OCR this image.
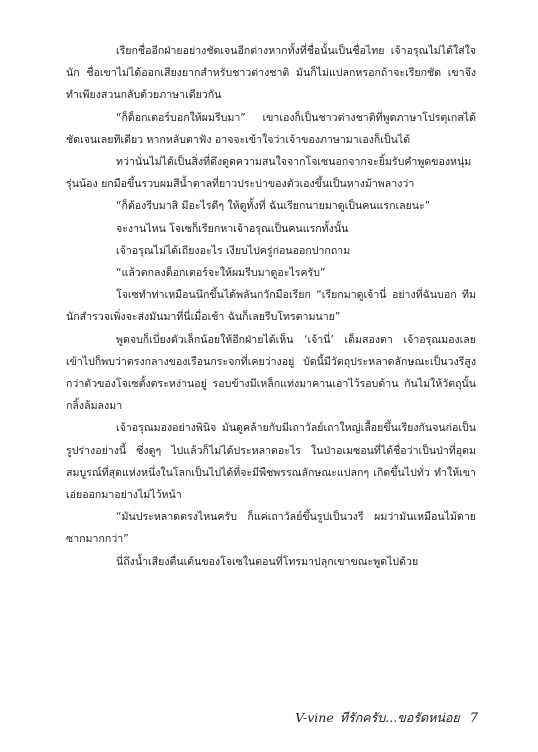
เรียกชื่ออีกฝ่ายอย่างชัดเจนอีกต่างหากทั้งที่ชื่อนั้นเป็นชื่อไทย เจ้าอรุณไม่ได้ใส่ใจนัก ชื่อเขาไม่ได้ออกเสียงยากสำหรับชาวต่างชาติ มันก็ไม่แปลกหรอกถ้าจะเรียกชัด เขาจึงทำเพียงสวนกลับด้วยภาษาเดียวกัน

“ก็ด็อกเตอร์บอกให้ผมรีบมา” เขาเองก็เป็นชาวต่างชาติที่พูดภาษาโปรตุเกสได้ชัดเจนเลยทีเดียว หากหลับตาฟัง อาจจะเข้าใจว่าเจ้าของภาษามาเองก็เป็นได้

ทว่านั่นไม่ได้เป็นสิ่งที่ดึงดูดความสนใจจากโจเซนอกจากจะยิ้มรับคำพูดของหนุ่มรุ่นน้อง ยกมือขึ้นรวบผมสีน้ำตาลที่ยาวประบ่าของตัวเองขึ้นเป็นหางม้าพลางว่า

“ก็ต้องรีบมาสิ มีอะไรดีๆ ให้ดูทั้งที่ ฉันเรียกนายมาดูเป็นคนแรกเลยนะ”

จะงานไหน โจเซก็เรียกหาเจ้าอรุณเป็นคนแรกทั้งนั้น

เจ้าอรุณไม่ได้เถียงอะไร เงียบไปครู่ก่อนออกปากถาม

“แล้วตกลงด็อกเตอร์จะให้ผมรีบมาดูอะไรครับ”

โจเซทำท่าเหมือนนึกขึ้นได้พลันกวักมือเรียก “เรียกมาดูเจ้านี่ อย่างที่ฉันบอก ทีมนักสำรวจเพิ่งจะส่งมันมาที่นี่เมื่อเช้า ฉันก็เลยรีบโทรตามนาย”

พูดจบก็เบี่ยงตัวเล็กน้อยให้อีกฝ่ายได้เห็น ‘เจ้านี่’ เต็มสองตา เจ้าอรุณมองเลยเข้าไปก็พบว่าตรงกลางของเรือนกระจกที่เคยว่างอยู่ บัดนี้มีวัตถุประหลาดลักษณะเป็นวงรีสูงกว่าตัวของโจเซตั้งตระหง่านอยู่ รอบข้างมีเหล็กแท่งมาคานเอาไว้รอบด้าน กันไม่ให้วัตถุนั้นกลิ้งล้มลงมา

เจ้าอรุณมองอย่างพินิจ มันดูคล้ายกับมีเถาวัลย์เถาใหญ่เลื้อยขึ้นเรียงกันจนก่อเป็นรูปร่างอย่างนี้ ซึ่งดูๆ ไปแล้วก็ไม่ได้ประหลาดอะไร ในป่าอเมซอนที่ได้ชื่อว่าเป็นป่าที่อุดมสมบูรณ์ที่สุดแห่งหนึ่งในโลกเป็นไปได้ที่จะมีพืชพรรณลักษณะแปลกๆ เกิดขึ้นไปทั่ว ทำให้เขาเอ่ยออกมาอย่างไม่ไว้หน้า

“มันประหลาดตรงไหนครับ ก็แค่เถาวัลย์ขึ้นรูปเป็นวงรี ผมว่ามันเหมือนไม้ตายซากมากกว่า”

นี่ถึงน้ำเสียงตื่นเต้นของโจเซในตอนที่โทรมาปลุกเขาขณะพูดไปด้วย

V-vine ทีรักครับ...ขอรัดหน่อย 7
